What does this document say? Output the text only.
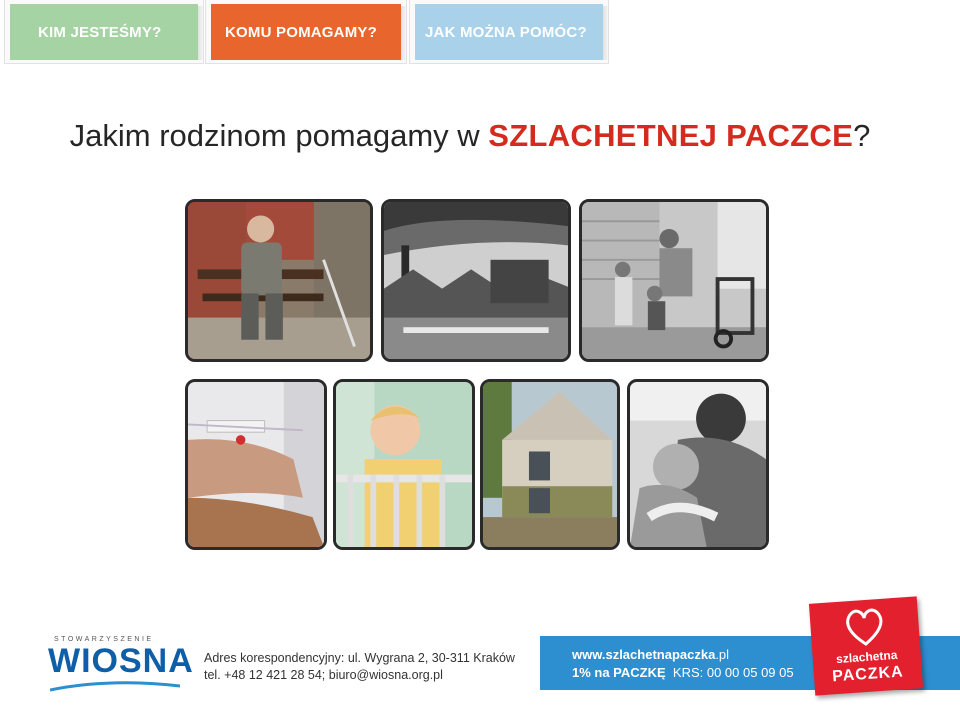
KIM JESTEŚMY?	KOMU POMAGAMY?	JAK MOŻNA POMÓC?
Jakim rodzinom pomagamy w SZLACHETNEJ PACZCE?
STOWARZYSZENIE
WIOSNA Adres korespondencyjny: ul. Wygrana 2, 30-311 Kraków
tel. +48 12 421 28 54; biuro@wiosna.org.pl
www.szlachetnapaczka.pl
1% na PACZKĘ KRS: 00 00 05 09 05
szlachetna
PACZKA
